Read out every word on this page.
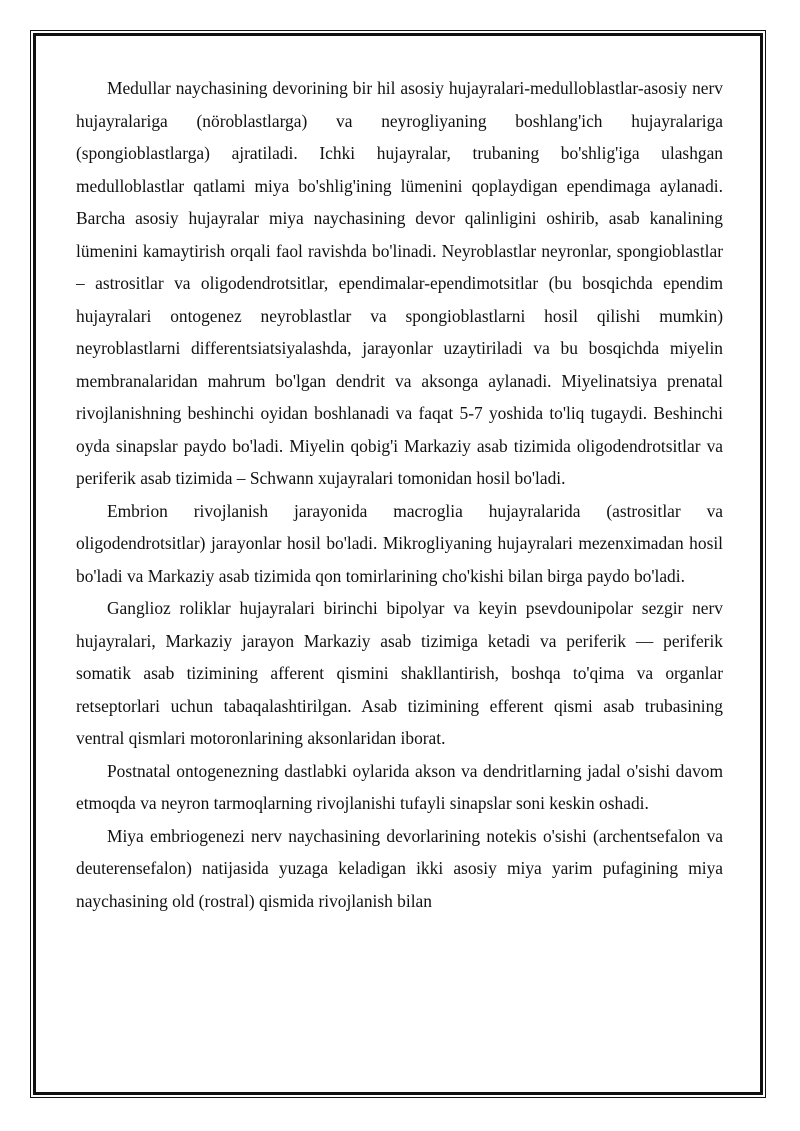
Medullar naychasining devorining bir hil asosiy hujayralari-medulloblastlar-asosiy nerv hujayralariga (nöroblastlarga) va neyrogliyaning boshlang'ich hujayralariga (spongioblastlarga) ajratiladi. Ichki hujayralar, trubaning bo'shlig'iga ulashgan medulloblastlar qatlami miya bo'shlig'ining lümenini qoplaydigan ependimaga aylanadi. Barcha asosiy hujayralar miya naychasining devor qalinligini oshirib, asab kanalining lümenini kamaytirish orqali faol ravishda bo'linadi. Neyroblastlar neyronlar, spongioblastlar – astrositlar va oligodendrotsitlar, ependimalar-ependimotsitlar (bu bosqichda ependim hujayralari ontogenez neyroblastlar va spongioblastlarni hosil qilishi mumkin) neyroblastlarni differentsiatsiyalashda, jarayonlar uzaytiriladi va bu bosqichda miyelin membranalaridan mahrum bo'lgan dendrit va aksonga aylanadi. Miyelinatsiya prenatal rivojlanishning beshinchi oyidan boshlanadi va faqat 5-7 yoshida to'liq tugaydi. Beshinchi oyda sinapslar paydo bo'ladi. Miyelin qobig'i Markaziy asab tizimida oligodendrotsitlar va periferik asab tizimida – Schwann xujayralari tomonidan hosil bo'ladi.

Embrion rivojlanish jarayonida macroglia hujayralarida (astrositlar va oligodendrotsitlar) jarayonlar hosil bo'ladi. Mikrogliyaning hujayralari mezenximadan hosil bo'ladi va Markaziy asab tizimida qon tomirlarining cho'kishi bilan birga paydo bo'ladi.

Ganglioz roliklar hujayralari birinchi bipolyar va keyin psevdounipolar sezgir nerv hujayralari, Markaziy jarayon Markaziy asab tizimiga ketadi va periferik — periferik somatik asab tizimining afferent qismini shakllantirish, boshqa to'qima va organlar retseptorlari uchun tabaqalashtirilgan. Asab tizimining efferent qismi asab trubasining ventral qismlari motoronlarining aksonlaridan iborat.

Postnatal ontogenezning dastlabki oylarida akson va dendritlarning jadal o'sishi davom etmoqda va neyron tarmoqlarning rivojlanishi tufayli sinapslar soni keskin oshadi.

Miya embriogenezi nerv naychasining devorlarining notekis o'sishi (archentsefalon va deuterensefalon) natijasida yuzaga keladigan ikki asosiy miya yarim pufagining miya naychasining old (rostral) qismida rivojlanish bilan
